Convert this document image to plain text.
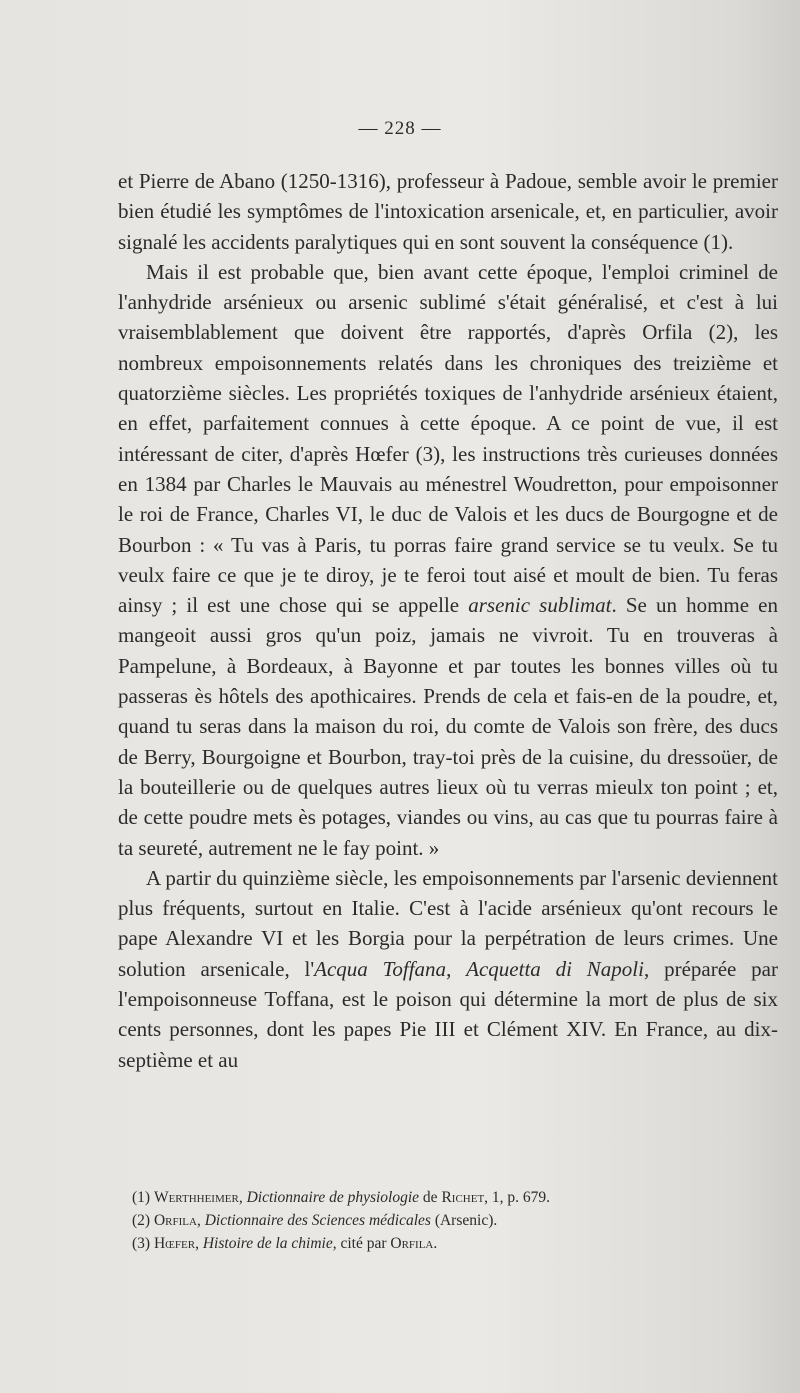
— 228 —

et Pierre de Abano (1250-1316), professeur à Padoue, semble avoir le premier bien étudié les symptômes de l'intoxication arsenicale, et, en particulier, avoir signalé les accidents paralytiques qui en sont souvent la conséquence (1).

Mais il est probable que, bien avant cette époque, l'emploi criminel de l'anhydride arsénieux ou arsenic sublimé s'était généralisé, et c'est à lui vraisemblablement que doivent être rapportés, d'après Orfila (2), les nombreux empoisonnements relatés dans les chroniques des treizième et quatorzième siècles. Les propriétés toxiques de l'anhydride arsénieux étaient, en effet, parfaitement connues à cette époque. A ce point de vue, il est intéressant de citer, d'après Hœfer (3), les instructions très curieuses données en 1384 par Charles le Mauvais au ménestrel Woudretton, pour empoisonner le roi de France, Charles VI, le duc de Valois et les ducs de Bourgogne et de Bourbon : « Tu vas à Paris, tu porras faire grand service se tu veulx. Se tu veulx faire ce que je te diroy, je te feroi tout aisé et moult de bien. Tu feras ainsy ; il est une chose qui se appelle arsenic sublimat. Se un homme en mangeoit aussi gros qu'un poiz, jamais ne vivroit. Tu en trouveras à Pampelune, à Bordeaux, à Bayonne et par toutes les bonnes villes où tu passeras ès hôtels des apothicaires. Prends de cela et fais-en de la poudre, et, quand tu seras dans la maison du roi, du comte de Valois son frère, des ducs de Berry, Bourgoigne et Bourbon, tray-toi près de la cuisine, du dressoüer, de la bouteillerie ou de quelques autres lieux où tu verras mieulx ton point ; et, de cette poudre mets ès potages, viandes ou vins, au cas que tu pourras faire à ta seureté, autrement ne le fay point. »

A partir du quinzième siècle, les empoisonnements par l'arsenic deviennent plus fréquents, surtout en Italie. C'est à l'acide arsénieux qu'ont recours le pape Alexandre VI et les Borgia pour la perpétration de leurs crimes. Une solution arsenicale, l'Acqua Toffana, Acquetta di Napoli, préparée par l'empoisonneuse Toffana, est le poison qui détermine la mort de plus de six cents personnes, dont les papes Pie III et Clément XIV. En France, au dix-septième et au

(1) Werthheimer, Dictionnaire de physiologie de Richet, 1, p. 679.
(2) Orfila, Dictionnaire des Sciences médicales (Arsenic).
(3) Hœfer, Histoire de la chimie, cité par Orfila.
